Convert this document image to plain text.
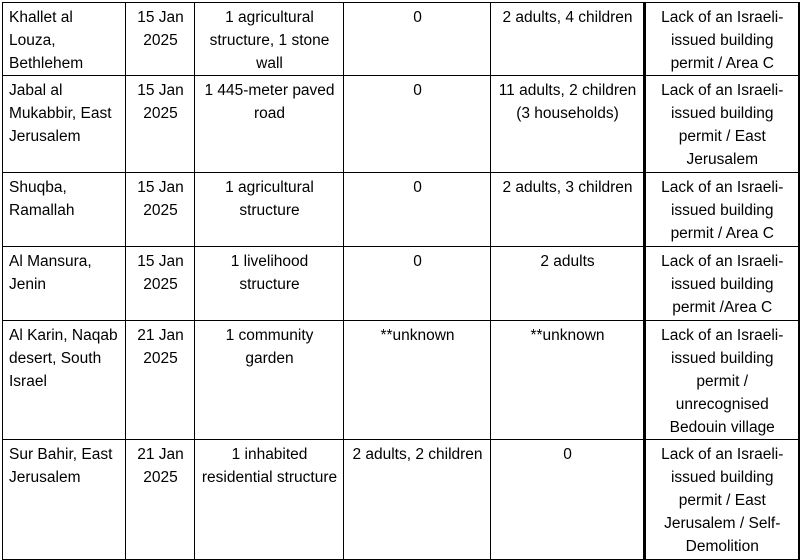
Khallet al Louza, Bethlehem	15 Jan 2025	1 agricultural structure, 1 stone wall	0	2 adults, 4 children	Lack of an Israeli-issued building permit / Area C
Jabal al Mukabbir, East Jerusalem	15 Jan 2025	1 445-meter paved road	0	11 adults, 2 children (3 households)	Lack of an Israeli-issued building permit / East Jerusalem
Shuqba, Ramallah	15 Jan 2025	1 agricultural structure	0	2 adults, 3 children	Lack of an Israeli-issued building permit / Area C
Al Mansura, Jenin	15 Jan 2025	1 livelihood structure	0	2 adults	Lack of an Israeli-issued building permit /Area C
Al Karin, Naqab desert, South Israel	21 Jan 2025	1 community garden	**unknown	**unknown	Lack of an Israeli-issued building permit / unrecognised Bedouin village
Sur Bahir, East Jerusalem	21 Jan 2025	1 inhabited residential structure	2 adults, 2 children	0	Lack of an Israeli-issued building permit / East Jerusalem / Self-Demolition
